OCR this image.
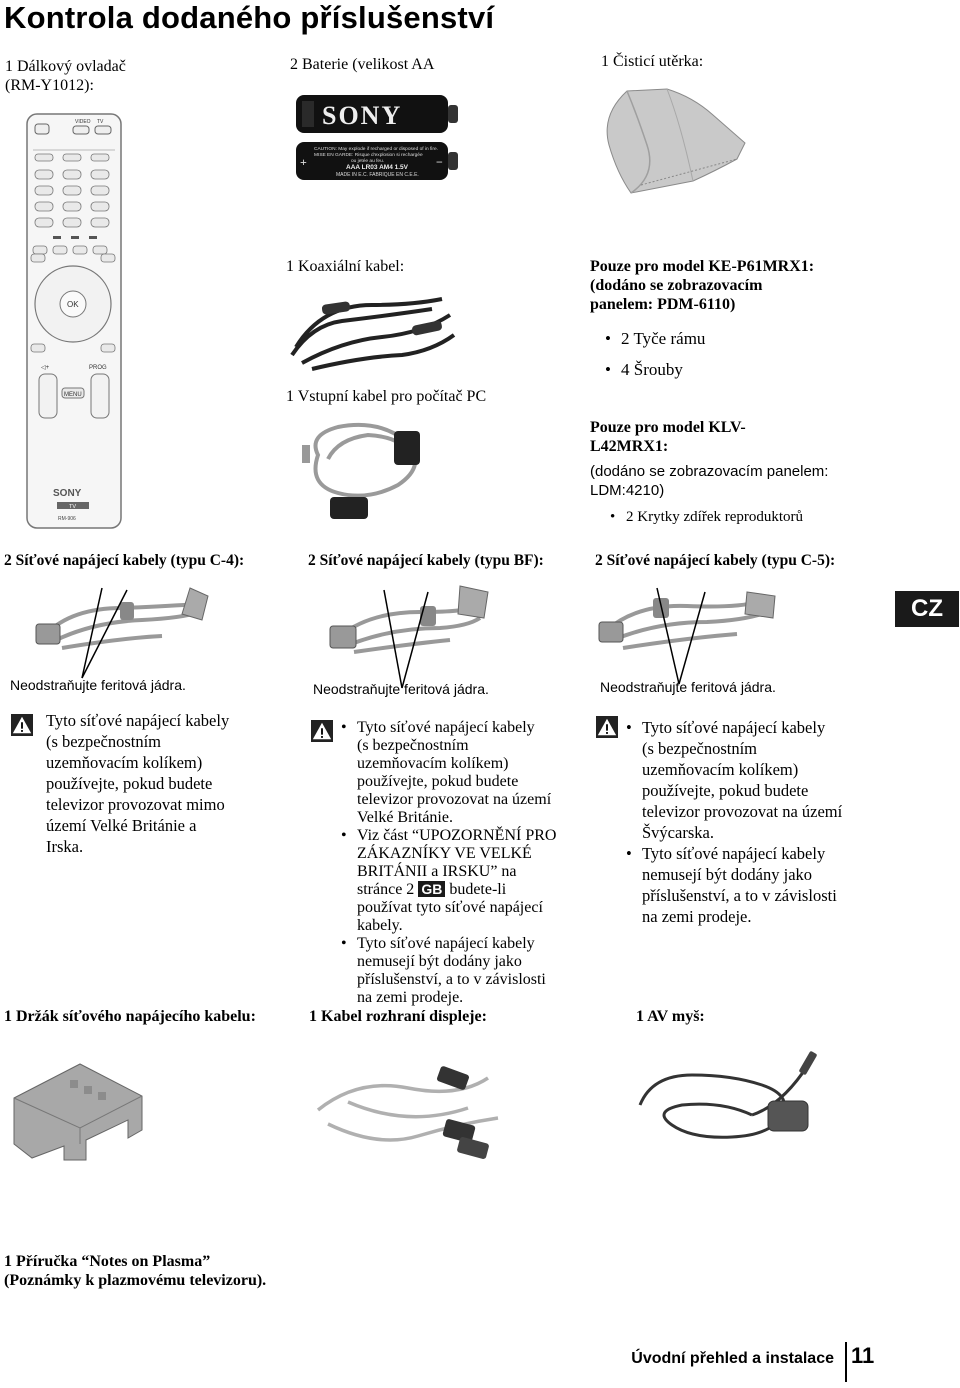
Kontrola dodaného příslušenství
1 Dálkový ovladač
(RM-Y1012):
2 Baterie (velikost AA	1 Čisticí utěrka:
VIDEO TV
OK
PROG
◁+
MENU
SONY
TV
RM-906
SONY
CAUTION: May explode if recharged or disposed of in fire.
MISE EN GARDE: Risque d'explosion si rechargée
ou jetée au feu.
AAA LR03 AM4 1.5V
MADE IN E.C. FABRIQUE EN C.E.E.
+	−
1 Koaxiální kabel:
1 Vstupní kabel pro počítač PC
Pouze pro model KE-P61MRX1:
(dodáno se zobrazovacím
panelem: PDM-6110)
• 2 Tyče rámu
• 4 Šrouby
Pouze pro model KLV-
L42MRX1:
(dodáno se zobrazovacím panelem:
LDM:4210)
• 2 Krytky zdířek reproduktorů
2 Síťové napájecí kabely (typu C-4):	2 Síťové napájecí kabely (typu BF):	2 Síťové napájecí kabely (typu C-5):
CZ
Neodstraňujte feritová jádra.	Neodstraňujte feritová jádra.	Neodstraňujte feritová jádra.
Tyto síťové napájecí kabely
(s bezpečnostním
uzemňovacím kolíkem)
používejte, pokud budete
televizor provozovat mimo
území Velké Británie a
Irska.
• Tyto síťové napájecí kabely
(s bezpečnostním
uzemňovacím kolíkem)
používejte, pokud budete
televizor provozovat na území
Velké Británie.
• Viz část “UPOZORNĚNÍ PRO
ZÁKAZNÍKY VE VELKÉ
BRITÁNII a IRSKU” na
stránce 2 GB budete-li
používat tyto síťové napájecí
kabely.
• Tyto síťové napájecí kabely
nemusejí být dodány jako
příslušenství, a to v závislosti
na zemi prodeje.
• Tyto síťové napájecí kabely
(s bezpečnostním
uzemňovacím kolíkem)
používejte, pokud budete
televizor provozovat na území
Švýcarska.
• Tyto síťové napájecí kabely
nemusejí být dodány jako
příslušenství, a to v závislosti
na zemi prodeje.
1 Držák síťového napájecího kabelu:	1 Kabel rozhraní displeje:	1 AV myš:
1 Příručka “Notes on Plasma”
(Poznámky k plazmovému televizoru).
Úvodní přehled a instalace 11
